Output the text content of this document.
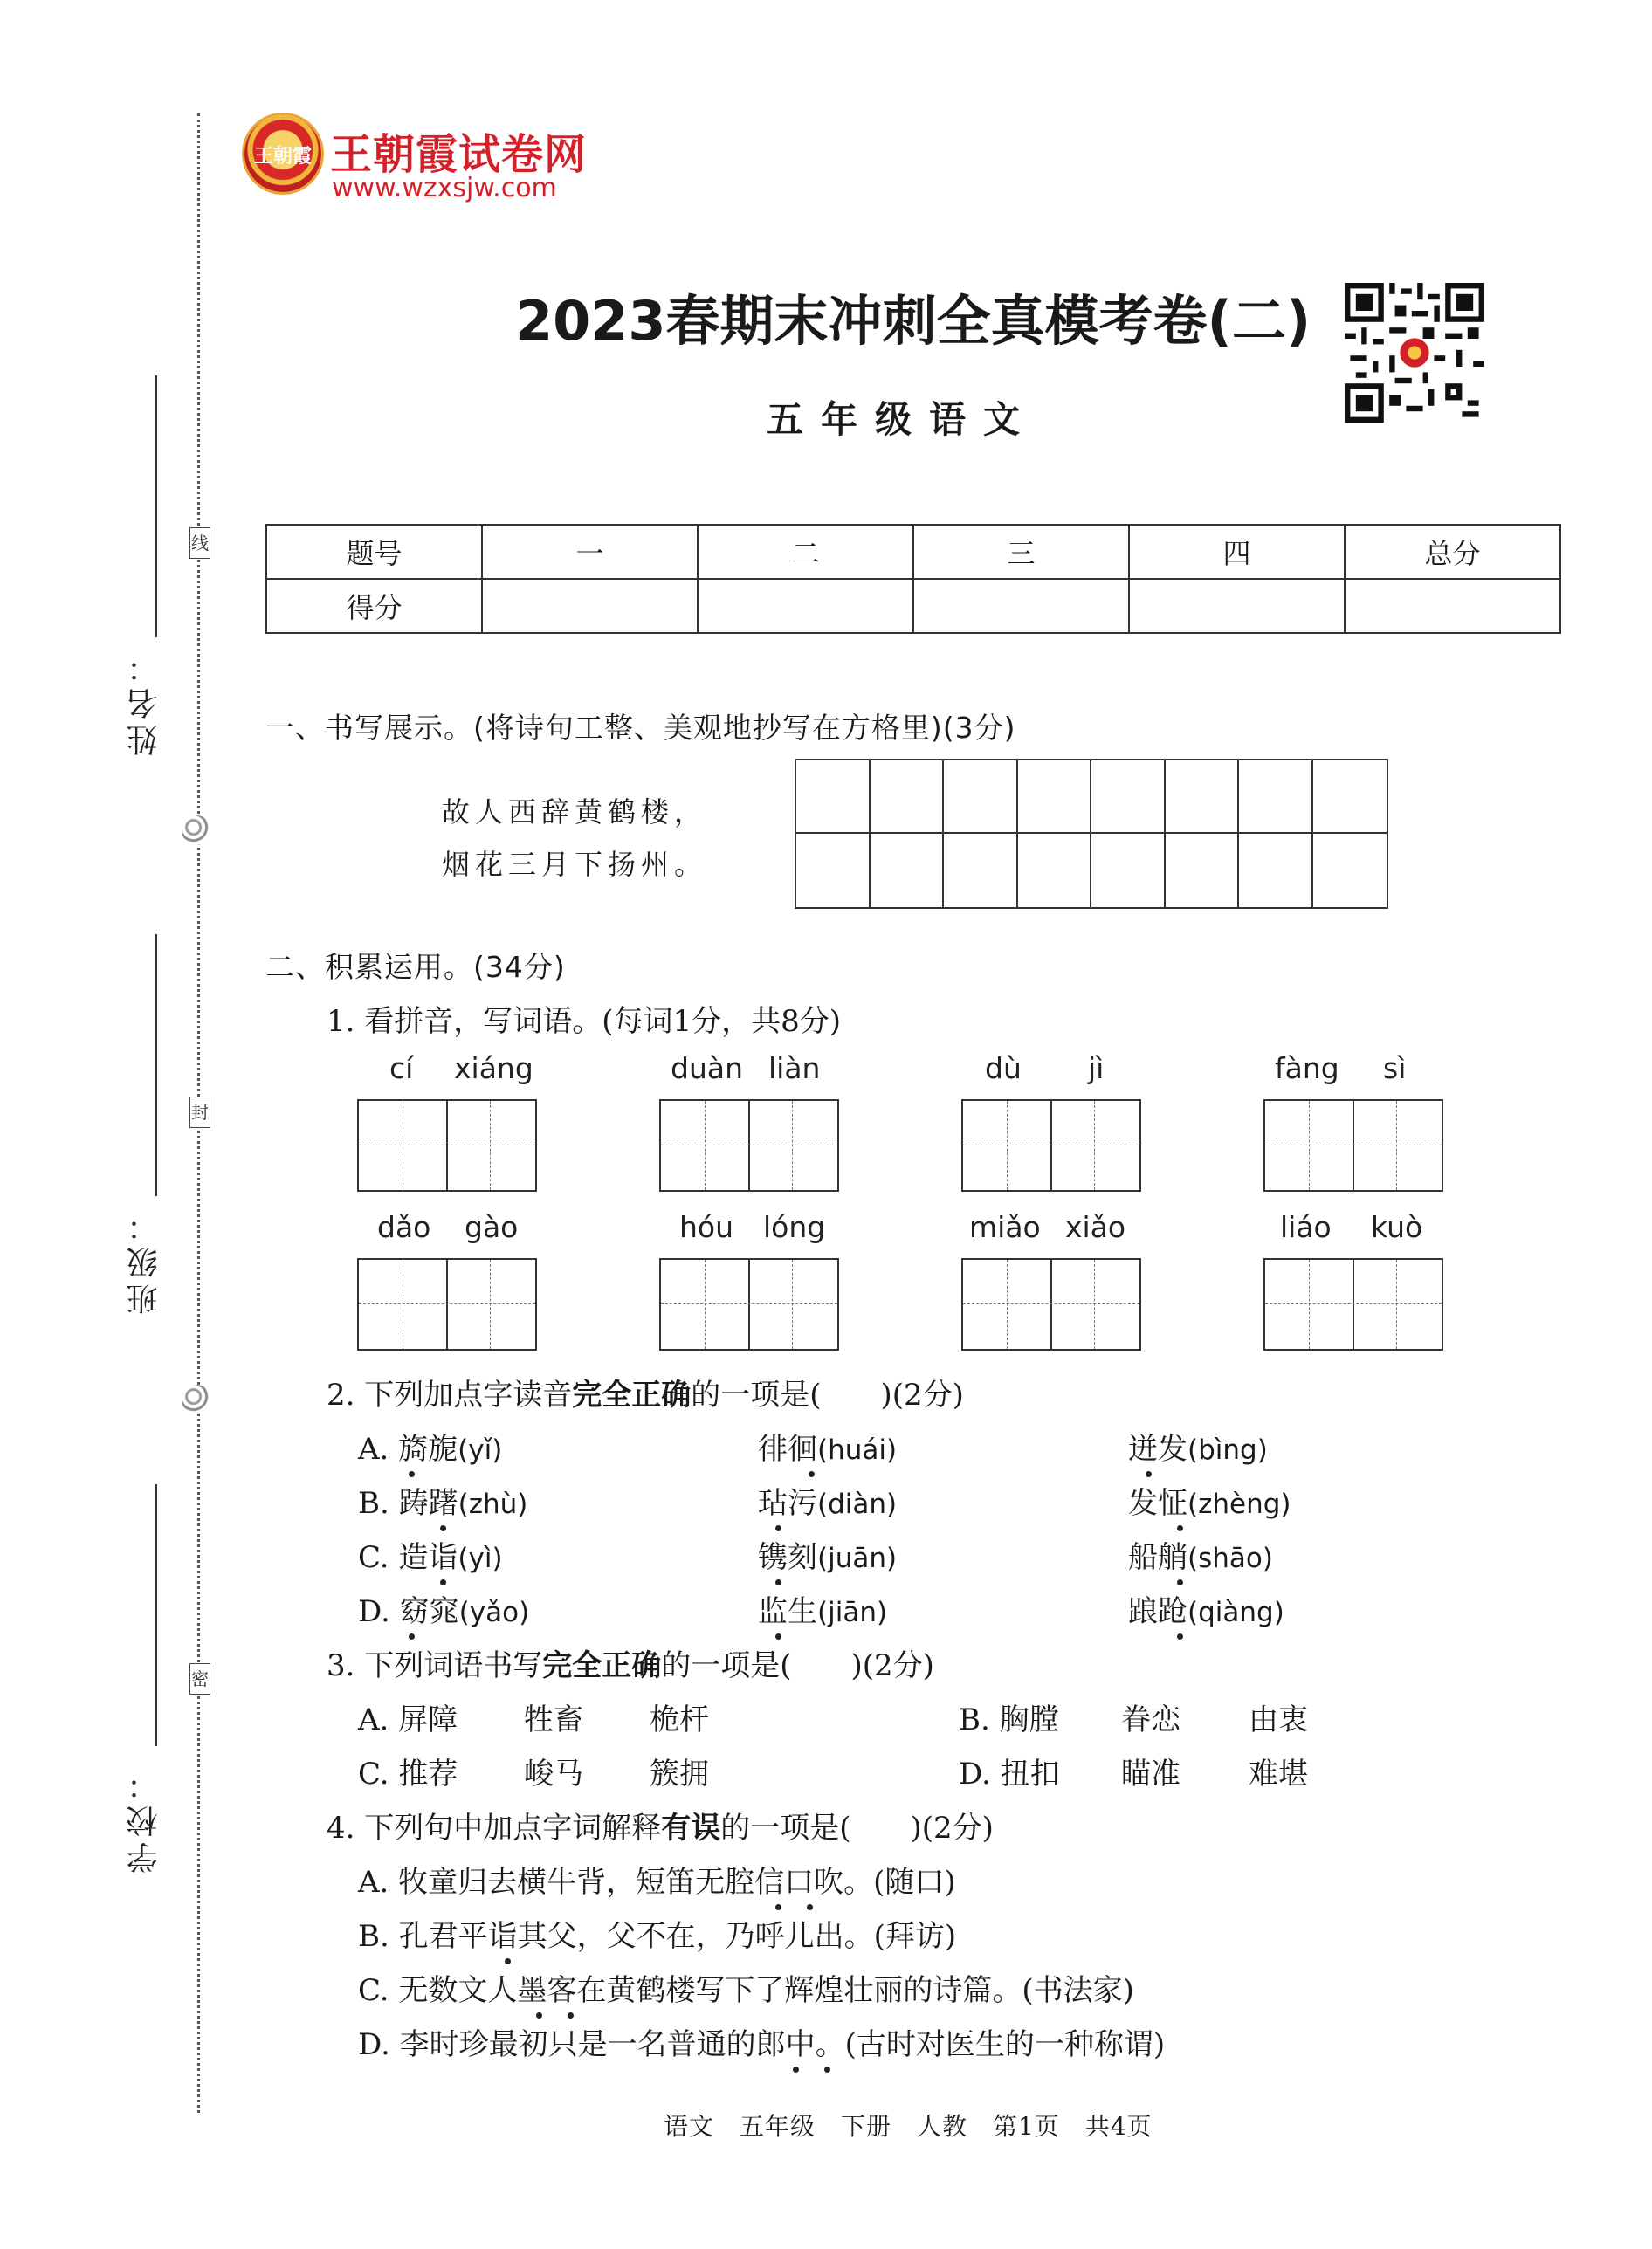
姓名：
班级：
学校：
线
封
密
王朝霞 王朝霞试卷网
www.wzxsjw.com
2023春期末冲刺全真模考卷(二)
五年级语文
题号	一	二	三	四	总分
得分					
一、书写展示。(将诗句工整、美观地抄写在方格里)(3分)
故人西辞黄鹤楼，
烟花三月下扬州。
二、积累运用。(34分)
1. 看拼音，写词语。(每词1分，共8分)
cí xiáng	duàn liàn	dù jì	fàng sì
dǎo gào	hóu lóng	miǎo xiǎo	liáo kuò
2. 下列加点字读音完全正确的一项是(　　)(2分)
A. 旖旎(yǐ)	徘徊(huái)	迸发(bìng)
B. 踌躇(zhù)	玷污(diàn)	发怔(zhèng)
C. 造诣(yì)	镌刻(juān)	船艄(shāo)
D. 窈窕(yǎo)	监生(jiān)	踉跄(qiàng)
3. 下列词语书写完全正确的一项是(　　)(2分)
A. 屏障 牲畜 桅杆	B. 胸膛 眷恋 由衷
C. 推荐 峻马 簇拥	D. 扭扣 瞄准 难堪
4. 下列句中加点字词解释有误的一项是(　　)(2分)
A. 牧童归去横牛背，短笛无腔信口吹。(随口)
B. 孔君平诣其父，父不在，乃呼儿出。(拜访)
C. 无数文人墨客在黄鹤楼写下了辉煌壮丽的诗篇。(书法家)
D. 李时珍最初只是一名普通的郎中。(古时对医生的一种称谓)
语文　五年级　下册　人教　第1页　共4页
